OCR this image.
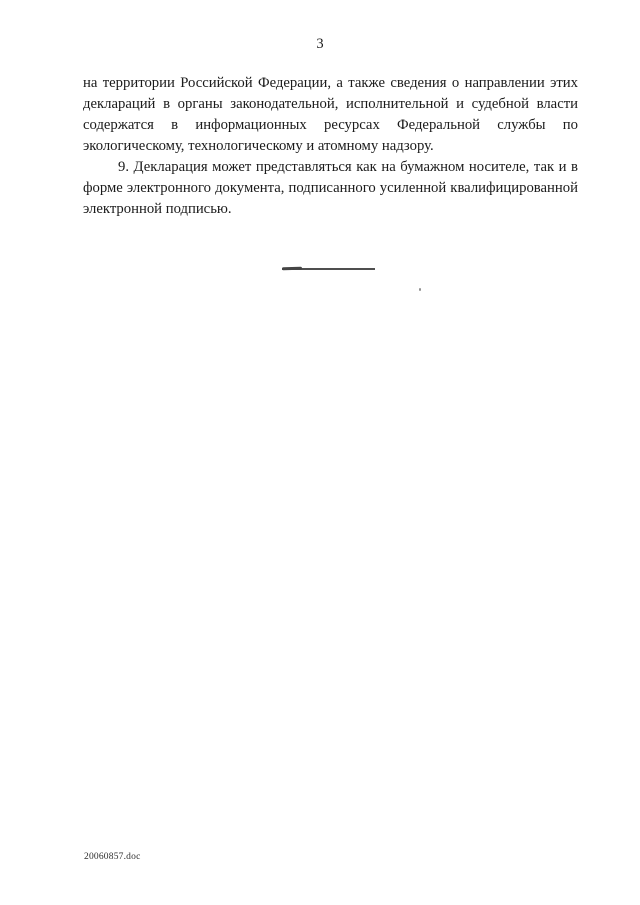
3

на территории Российской Федерации, а также сведения о направлении этих деклараций в органы законодательной, исполнительной и судебной власти содержатся в информационных ресурсах Федеральной службы по экологическому, технологическому и атомному надзору.

9. Декларация может представляться как на бумажном носителе, так и в форме электронного документа, подписанного усиленной квалифицированной электронной подписью.

20060857.doc
